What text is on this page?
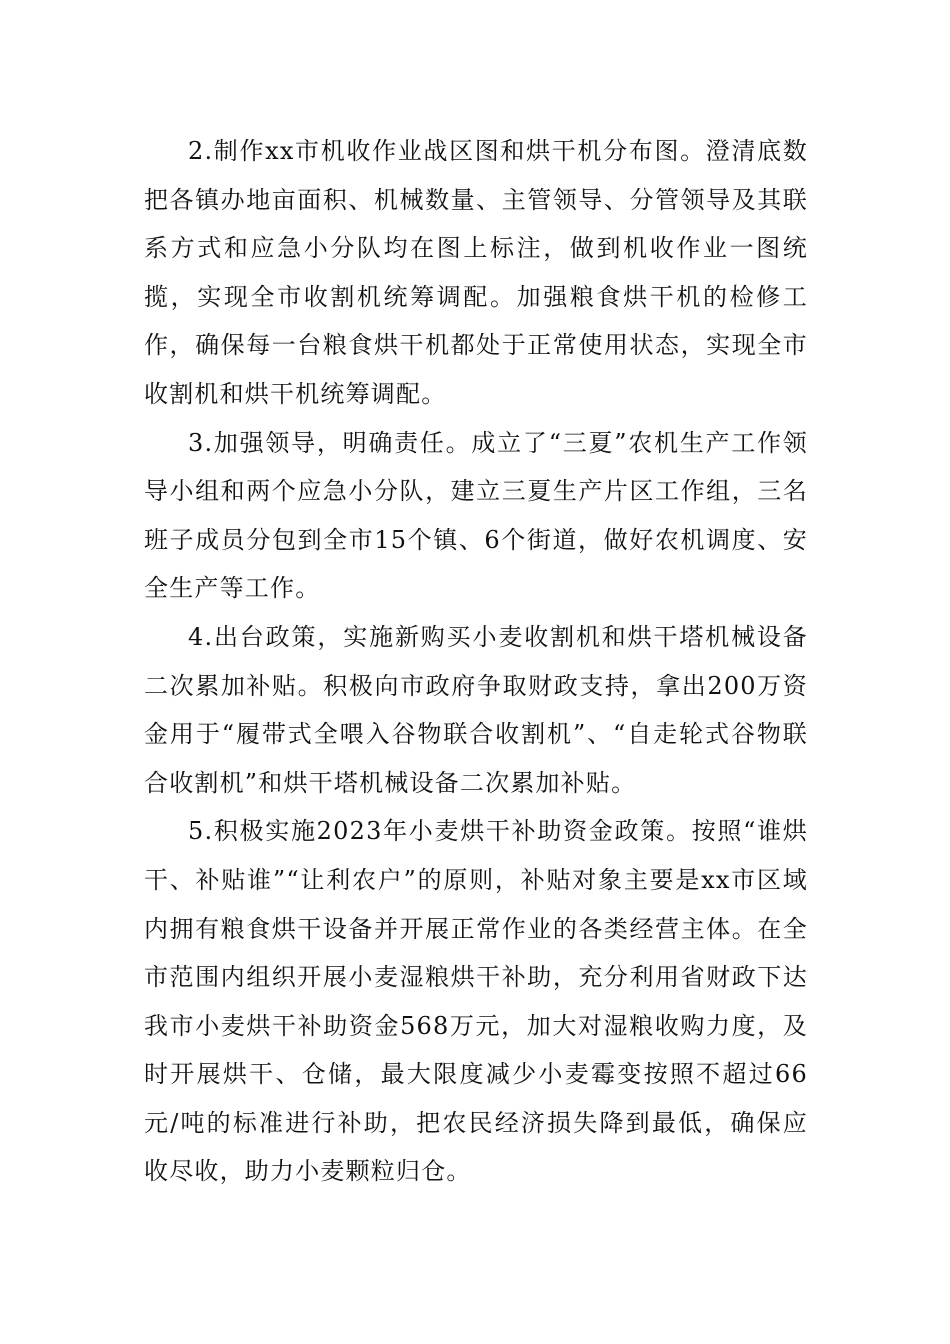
2.制作xx市机收作业战区图和烘干机分布图。澄清底数把各镇办地亩面积、机械数量、主管领导、分管领导及其联系方式和应急小分队均在图上标注，做到机收作业一图统揽，实现全市收割机统筹调配。加强粮食烘干机的检修工作，确保每一台粮食烘干机都处于正常使用状态，实现全市收割机和烘干机统筹调配。

3.加强领导，明确责任。成立了“三夏”农机生产工作领导小组和两个应急小分队，建立三夏生产片区工作组，三名班子成员分包到全市15个镇、6个街道，做好农机调度、安全生产等工作。

4.出台政策，实施新购买小麦收割机和烘干塔机械设备二次累加补贴。积极向市政府争取财政支持，拿出200万资金用于“履带式全喂入谷物联合收割机”、“自走轮式谷物联合收割机”和烘干塔机械设备二次累加补贴。

5.积极实施2023年小麦烘干补助资金政策。按照“谁烘干、补贴谁”“让利农户”的原则，补贴对象主要是xx市区域内拥有粮食烘干设备并开展正常作业的各类经营主体。在全市范围内组织开展小麦湿粮烘干补助，充分利用省财政下达我市小麦烘干补助资金568万元，加大对湿粮收购力度，及时开展烘干、仓储，最大限度减少小麦霉变按照不超过66元/吨的标准进行补助，把农民经济损失降到最低，确保应收尽收，助力小麦颗粒归仓。
